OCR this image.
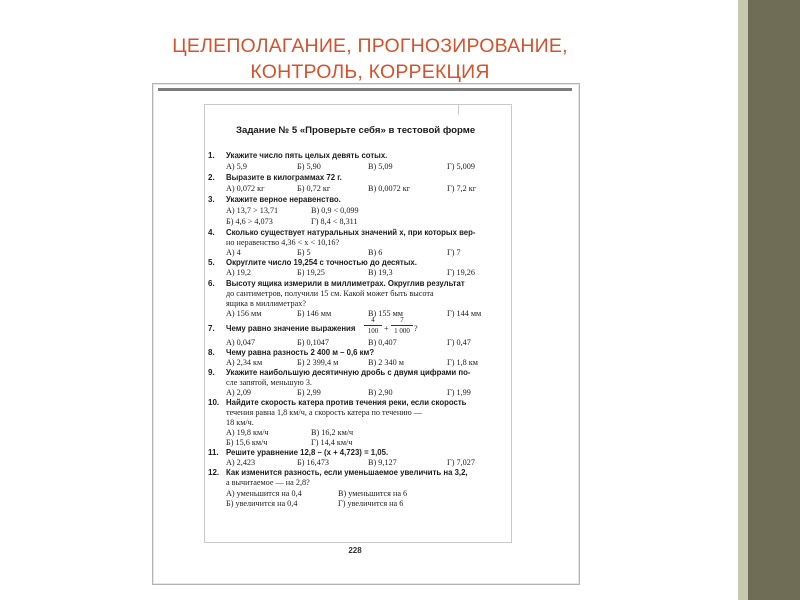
ЦЕЛЕПОЛАГАНИЕ, ПРОГНОЗИРОВАНИЕ,
КОНТРОЛЬ, КОРРЕКЦИЯ
Задание № 5 «Проверьте себя» в тестовой форме
1. Укажите число пять целых девять сотых.
А) 5,9	Б) 5,90	В) 5,09	Г) 5,009
2. Выразите в килограммах 72 г.
А) 0,072 кг	Б) 0,72 кг	В) 0,0072 кг	Г) 7,2 кг
3. Укажите верное неравенство.
А) 13,7 > 13,71	В) 0,9 < 0,099
Б) 4,6 > 4,073	Г) 8,4 < 8,311
4. Сколько существует натуральных значений x, при которых вер-
но неравенство 4,36 < x < 10,16?
А) 4	Б) 5	В) 6	Г) 7
5. Округлите число 19,254 с точностью до десятых.
А) 19,2	Б) 19,25	В) 19,3	Г) 19,26
6. Высоту ящика измерили в миллиметрах. Округлив результат
до сантиметров, получили 15 см. Какой может быть высота
ящика в миллиметрах?
А) 156 мм	Б) 146 мм	В) 155 мм	Г) 144 мм
7. Чему равно значение выражения
4
100 +
7
1 000 ?
А) 0,047	Б) 0,1047	В) 0,407	Г) 0,47
8. Чему равна разность 2 400 м – 0,6 км?
А) 2,34 км	Б) 2 399,4 м	В) 2 340 м	Г) 1,8 км
9. Укажите наибольшую десятичную дробь с двумя цифрами по-
сле запятой, меньшую 3.
А) 2,09	Б) 2,99	В) 2,90	Г) 1,99
10. Найдите скорость катера против течения реки, если скорость
течения равна 1,8 км/ч, а скорость катера по течению —
18 км/ч.
А) 19,8 км/ч	В) 16,2 км/ч
Б) 15,6 км/ч	Г) 14,4 км/ч
11. Решите уравнение 12,8 – (x + 4,723) = 1,05.
А) 2,423	Б) 16,473	В) 9,127	Г) 7,027
12. Как изменится разность, если уменьшаемое увеличить на 3,2,
а вычитаемое — на 2,8?
А) уменьшится на 0,4	В) уменьшится на 6
Б) увеличится на 0,4	Г) увеличится на 6
228
